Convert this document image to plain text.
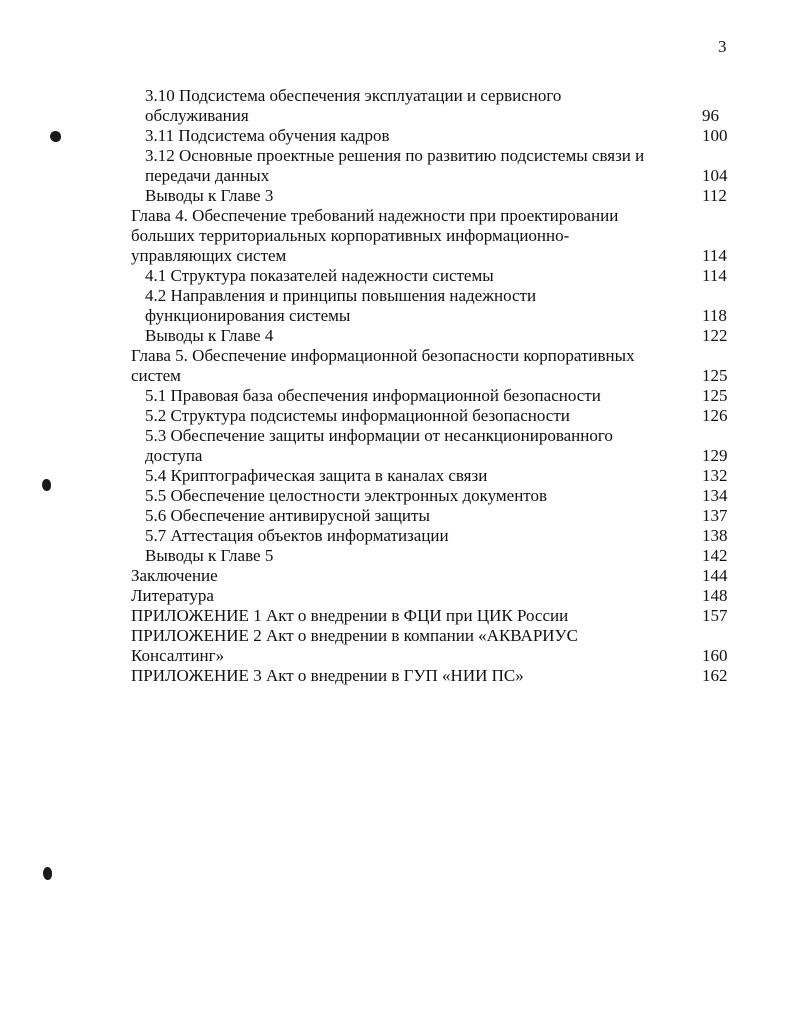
3
3.10 Подсистема обеспечения эксплуатации и сервисного
обслуживания	96
3.11 Подсистема обучения кадров	100
3.12 Основные проектные решения по развитию подсистемы связи и
передачи данных	104
Выводы к Главе 3	112
Глава 4. Обеспечение требований надежности при проектировании
больших территориальных корпоративных информационно-
управляющих систем	114
4.1 Структура показателей надежности системы	114
4.2 Направления и принципы повышения надежности
функционирования системы	118
Выводы к Главе 4	122
Глава 5. Обеспечение информационной безопасности корпоративных
систем	125
5.1 Правовая база обеспечения информационной безопасности	125
5.2 Структура подсистемы информационной безопасности	126
5.3 Обеспечение защиты информации от несанкционированного
доступа	129
5.4 Криптографическая защита в каналах связи	132
5.5 Обеспечение целостности электронных документов	134
5.6 Обеспечение антивирусной защиты	137
5.7 Аттестация объектов информатизации	138
Выводы к Главе 5	142
Заключение	144
Литература	148
ПРИЛОЖЕНИЕ 1 Акт о внедрении в ФЦИ при ЦИК России	157
ПРИЛОЖЕНИЕ 2 Акт о внедрении в компании «АКВАРИУС
Консалтинг»	160
ПРИЛОЖЕНИЕ 3 Акт о внедрении в ГУП «НИИ ПС»	162
